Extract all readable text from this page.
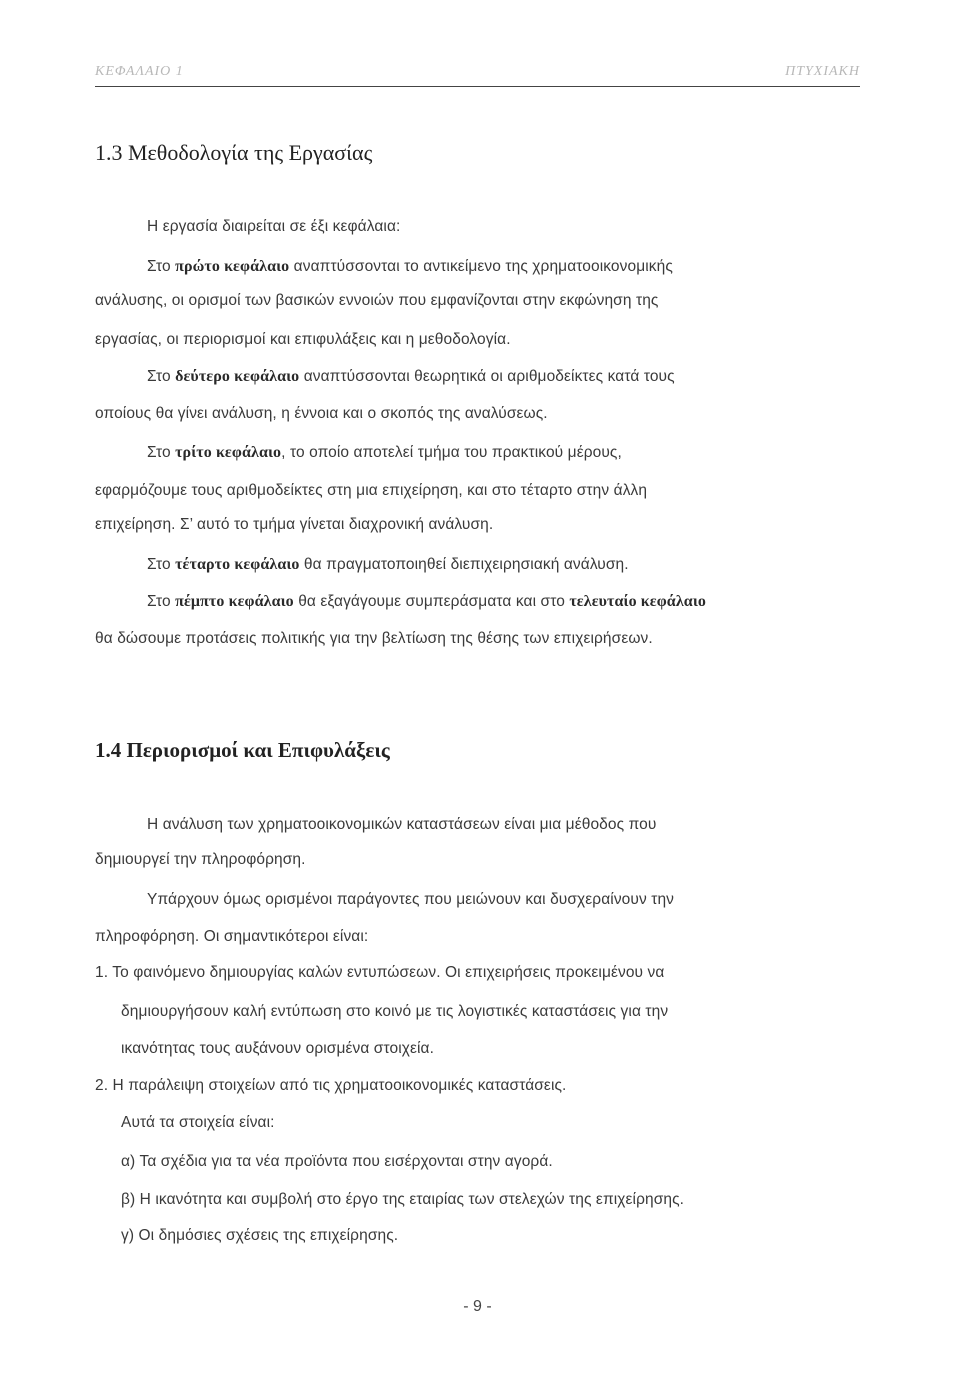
ΚΕΦΑΛΑΙΟ 1	ΠΤΥΧΙΑΚΗ
1.3 Μεθοδολογία της Εργασίας
Η εργασία διαιρείται σε έξι κεφάλαια:
Στο πρώτο κεφάλαιο αναπτύσσονται το αντικείμενο της χρηματοοικονομικής
ανάλυσης, οι ορισμοί των βασικών εννοιών που εμφανίζονται στην εκφώνηση της
εργασίας, οι περιορισμοί και επιφυλάξεις και η μεθοδολογία.
Στο δεύτερο κεφάλαιο αναπτύσσονται θεωρητικά οι αριθμοδείκτες κατά τους
οποίους θα γίνει ανάλυση, η έννοια και ο σκοπός της αναλύσεως.
Στο τρίτο κεφάλαιο, το οποίο αποτελεί τμήμα του πρακτικού μέρους,
εφαρμόζουμε τους αριθμοδείκτες στη μια επιχείρηση, και στο τέταρτο στην άλλη
επιχείρηση. Σ’ αυτό το τμήμα γίνεται διαχρονική ανάλυση.
Στο τέταρτο κεφάλαιο θα πραγματοποιηθεί διεπιχειρησιακή ανάλυση.
Στο πέμπτο κεφάλαιο θα εξαγάγουμε συμπεράσματα και στο τελευταίο κεφάλαιο
θα δώσουμε προτάσεις πολιτικής για την βελτίωση της θέσης των επιχειρήσεων.
1.4 Περιορισμοί και Επιφυλάξεις
Η ανάλυση των χρηματοοικονομικών καταστάσεων είναι μια μέθοδος που
δημιουργεί την πληροφόρηση.
Υπάρχουν όμως ορισμένοι παράγοντες που μειώνουν και δυσχεραίνουν την
πληροφόρηση. Οι σημαντικότεροι είναι:
1. Το φαινόμενο δημιουργίας καλών εντυπώσεων. Οι επιχειρήσεις προκειμένου να
δημιουργήσουν καλή εντύπωση στο κοινό με τις λογιστικές καταστάσεις για την
ικανότητας τους αυξάνουν ορισμένα στοιχεία.
2. Η παράλειψη στοιχείων από τις χρηματοοικονομικές καταστάσεις.
Αυτά τα στοιχεία είναι:
α) Τα σχέδια για τα νέα προϊόντα που εισέρχονται στην αγορά.
β) Η ικανότητα και συμβολή στο έργο της εταιρίας των στελεχών της επιχείρησης.
γ) Οι δημόσιες σχέσεις της επιχείρησης.
- 9 -
